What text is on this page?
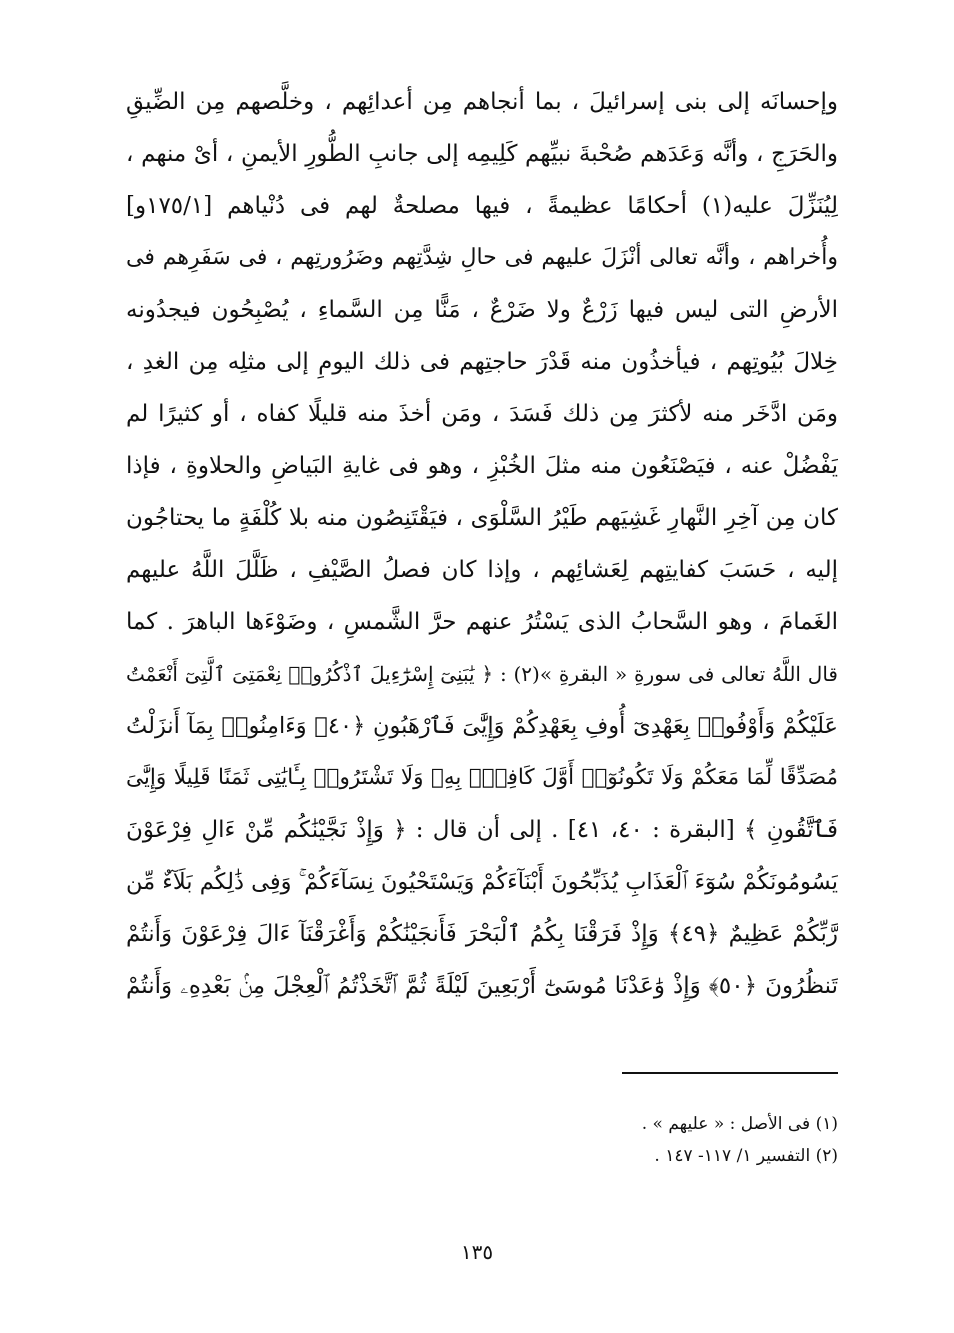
وإحسانَه إلى بنى إسرائيلَ ، بما أنجاهم مِن أعدائِهم ، وخلَّصهم مِن الضِّيقِ
والحَرَجِ ، وأنَّه وَعَدَهم صُحْبةَ نبيِّهم كَلِيمِه إلى جانبِ الطُّورِ الأيمنِ ، أىْ منهم ،
لِيُنَزِّلَ عليه(١) أحكامًا عظيمةً ، فيها مصلحةٌ لهم فى دُنْياهم [١٧٥/١و]
وأُخراهم ، وأنَّه تعالى أنْزَلَ عليهم فى حالِ شِدَّتِهم وضَرُورتِهم ، فى سَفَرِهم فى
الأرضِ التى ليس فيها زَرْعٌ ولا ضَرْعٌ ، مَنًّا مِن السَّماءِ ، يُصْبِحُون فيجدُونه
خِلالَ بُيُوتِهم ، فيأخذُون منه قَدْرَ حاجتِهم فى ذلك اليومِ إلى مثلِه مِن الغدِ ،
ومَن ادَّخَر منه لأكثرَ مِن ذلك فَسَدَ ، ومَن أخذَ منه قليلًا كفاه ، أو كثيرًا لم
يَفْضُلْ عنه ، فيَصْنَعُون منه مثلَ الخُبْزِ ، وهو فى غايةِ البَياضِ والحلاوةِ ، فإذا
كان مِن آخِرِ النَّهارِ غَشِيَهم طَيْرُ السَّلْوَى ، فيَقْتَنِصُون منه بلا كُلْفَةٍ ما يحتاجُون
إليه ، حَسَبَ كفايتِهم لِعَشائِهم ، وإذا كان فصلُ الصَّيْفِ ، ظَلَّلَ اللَّهُ عليهم
الغَمامَ ، وهو السَّحابُ الذى يَسْتُرُ عنهم حرَّ الشَّمسِ ، وضَوْءَها الباهرَ . كما
قال اللَّهُ تعالى فى سورةِ « البقرةِ »(٢) : ﴿ يَٰبَنِىٓ إِسْرَٰٓءِيلَ ٱذْكُرُوا۟ نِعْمَتِىَ ٱلَّتِىٓ أَنْعَمْتُ
عَلَيْكُمْ وَأَوْفُوا۟ بِعَهْدِىٓ أُوفِ بِعَهْدِكُمْ وَإِيَّٰىَ فَٱرْهَبُونِ ﴿٤٠﴾ وَءَامِنُوا۟ بِمَآ أَنزَلْتُ
مُصَدِّقًا لِّمَا مَعَكُمْ وَلَا تَكُونُوٓا۟ أَوَّلَ كَافِرٍۭ بِهِۦ وَلَا تَشْتَرُوا۟ بِـَٔايَٰتِى ثَمَنًا قَلِيلًا وَإِيَّٰىَ
فَٱتَّقُونِ ﴾ [البقرة : ٤٠، ٤١] . إلى أن قال : ﴿ وَإِذْ نَجَّيْنَٰكُم مِّنْ ءَالِ فِرْعَوْنَ
يَسُومُونَكُمْ سُوٓءَ ٱلْعَذَابِ يُذَبِّحُونَ أَبْنَآءَكُمْ وَيَسْتَحْيُونَ نِسَآءَكُمْ ۚ وَفِى ذَٰلِكُم بَلَآءٌ مِّن
رَّبِّكُمْ عَظِيمٌ ﴿٤٩﴾ وَإِذْ فَرَقْنَا بِكُمُ ٱلْبَحْرَ فَأَنجَيْنَٰكُمْ وَأَغْرَقْنَآ ءَالَ فِرْعَوْنَ وَأَنتُمْ
تَنظُرُونَ ﴿٥٠﴾ وَإِذْ وَٰعَدْنَا مُوسَىٰٓ أَرْبَعِينَ لَيْلَةً ثُمَّ ٱتَّخَذْتُمُ ٱلْعِجْلَ مِنۢ بَعْدِهِۦ وَأَنتُمْ
(١) فى الأصل : « عليهم » .
(٢) التفسير ١/ ١١٧- ١٤٧ .
١٣٥
